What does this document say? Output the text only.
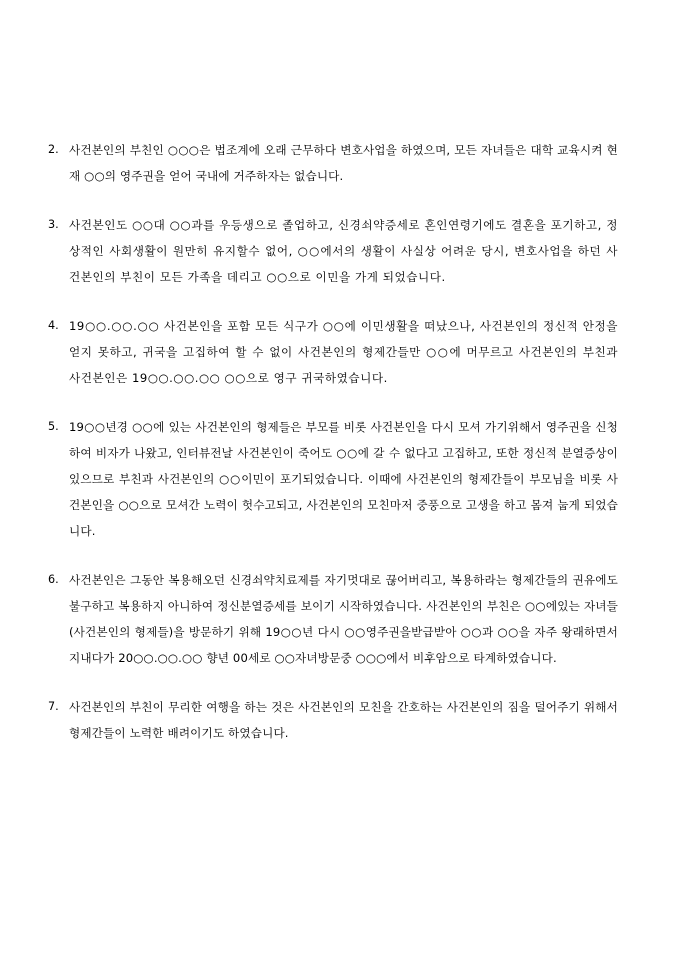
2. 사건본인의 부친인 ○○○은 법조계에 오래 근무하다 변호사업을 하였으며, 모든 자녀들은 대학 교육시켜 현재 ○○의 영주권을 얻어 국내에 거주하자는 없습니다.
3. 사건본인도 ○○대 ○○과를 우등생으로 졸업하고, 신경쇠약증세로 혼인연령기에도 결혼을 포기하고, 정상적인 사회생활이 원만히 유지할수 없어, ○○에서의 생활이 사실상 어려운 당시, 변호사업을 하던 사건본인의 부친이 모든 가족을 데리고 ○○으로 이민을 가게 되었습니다.
4. 19○○.○○.○○ 사건본인을 포함 모든 식구가 ○○에 이민생활을 떠났으나, 사건본인의 정신적 안정을 얻지 못하고, 귀국을 고집하여 할 수 없이 사건본인의 형제간들만 ○○에 머무르고 사건본인의 부친과 사건본인은 19○○.○○.○○ ○○으로 영구 귀국하였습니다.
5. 19○○년경 ○○에 있는 사건본인의 형제들은 부모를 비롯 사건본인을 다시 모셔 가기위해서 영주권을 신청하여 비자가 나왔고, 인터뷰전날 사건본인이 죽어도 ○○에 갈 수 없다고 고집하고, 또한 정신적 분열증상이 있으므로 부친과 사건본인의 ○○이민이 포기되었습니다. 이때에 사건본인의 형제간들이 부모님을 비롯 사건본인을 ○○으로 모셔간 노력이 헛수고되고, 사건본인의 모친마저 중풍으로 고생을 하고 몸져 눕게 되었습니다.
6. 사건본인은 그동안 복용해오던 신경쇠약치료제를 자기멋대로 끊어버리고, 복용하라는 형제간들의 권유에도 불구하고 복용하지 아니하여 정신분열증세를 보이기 시작하였습니다. 사건본인의 부친은 ○○에있는 자녀들(사건본인의 형제들)을 방문하기 위해 19○○년 다시 ○○영주권을받급받아 ○○과 ○○을 자주 왕래하면서 지내다가 20○○.○○.○○ 향년 00세로 ○○자녀방문중 ○○○에서 비후암으로 타계하였습니다.
7. 사건본인의 부친이 무리한 여행을 하는 것은 사건본인의 모친을 간호하는 사건본인의 짐을 덜어주기 위해서 형제간들이 노력한 배려이기도 하였습니다.
